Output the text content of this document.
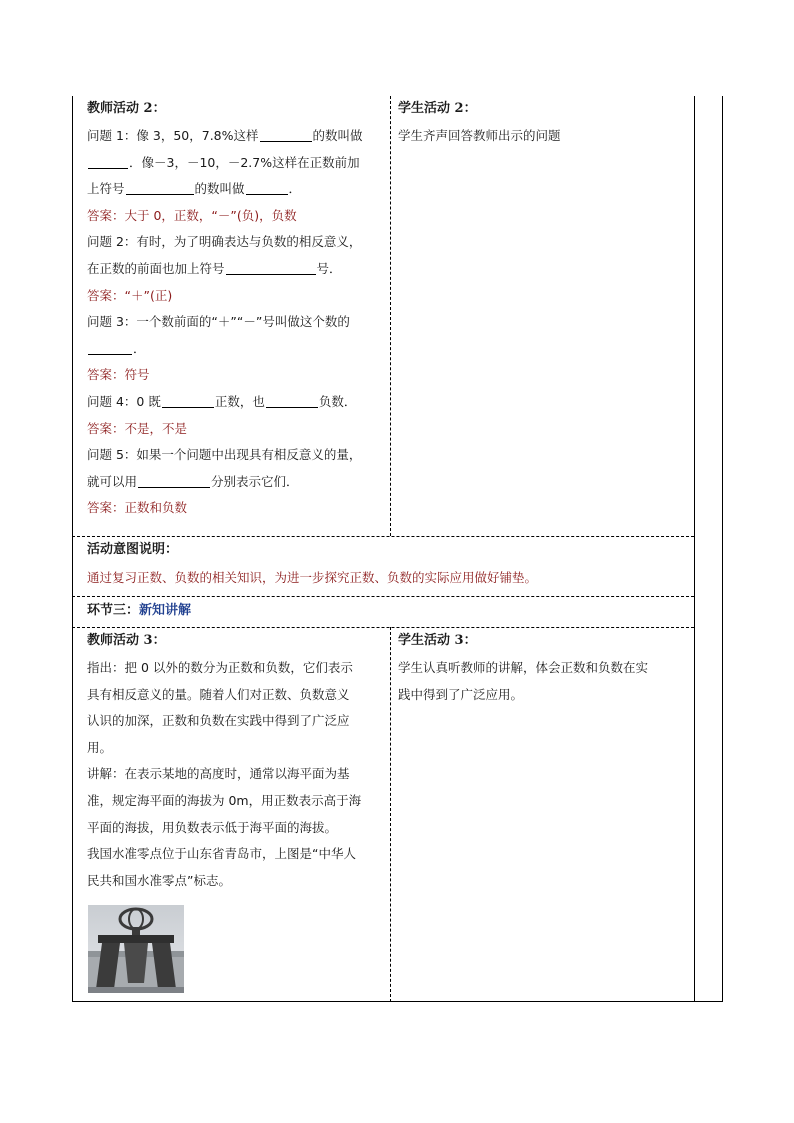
教师活动 2：

问题 1：像 3，50，7.8%这样	的数叫做

．像－3，－10，－2.7%这样在正数前加

上符号	的数叫做	．

答案：大于 0，正数，“－”(负)，负数

问题 2：有时，为了明确表达与负数的相反意义，

在正数的前面也加上符号	号．

答案：“＋”(正)

问题 3：一个数前面的“＋”“－”号叫做这个数的

．

答案：符号

问题 4：0 既	正数，也	负数．

答案：不是，不是

问题 5：如果一个问题中出现具有相反意义的量，

就可以用	分别表示它们．

答案：正数和负数

学生活动 2：

学生齐声回答教师出示的问题

活动意图说明：

通过复习正数、负数的相关知识，为进一步探究正数、负数的实际应用做好铺垫。

环节三：新知讲解

教师活动 3：

指出：把 0 以外的数分为正数和负数，它们表示

具有相反意义的量。随着人们对正数、负数意义

认识的加深，正数和负数在实践中得到了广泛应

用。

讲解：在表示某地的高度时，通常以海平面为基

准，规定海平面的海拔为 0m，用正数表示高于海

平面的海拔，用负数表示低于海平面的海拔。

我国水准零点位于山东省青岛市，上图是“中华人

民共和国水准零点”标志。

学生活动 3：

学生认真听教师的讲解，体会正数和负数在实

践中得到了广泛应用。
